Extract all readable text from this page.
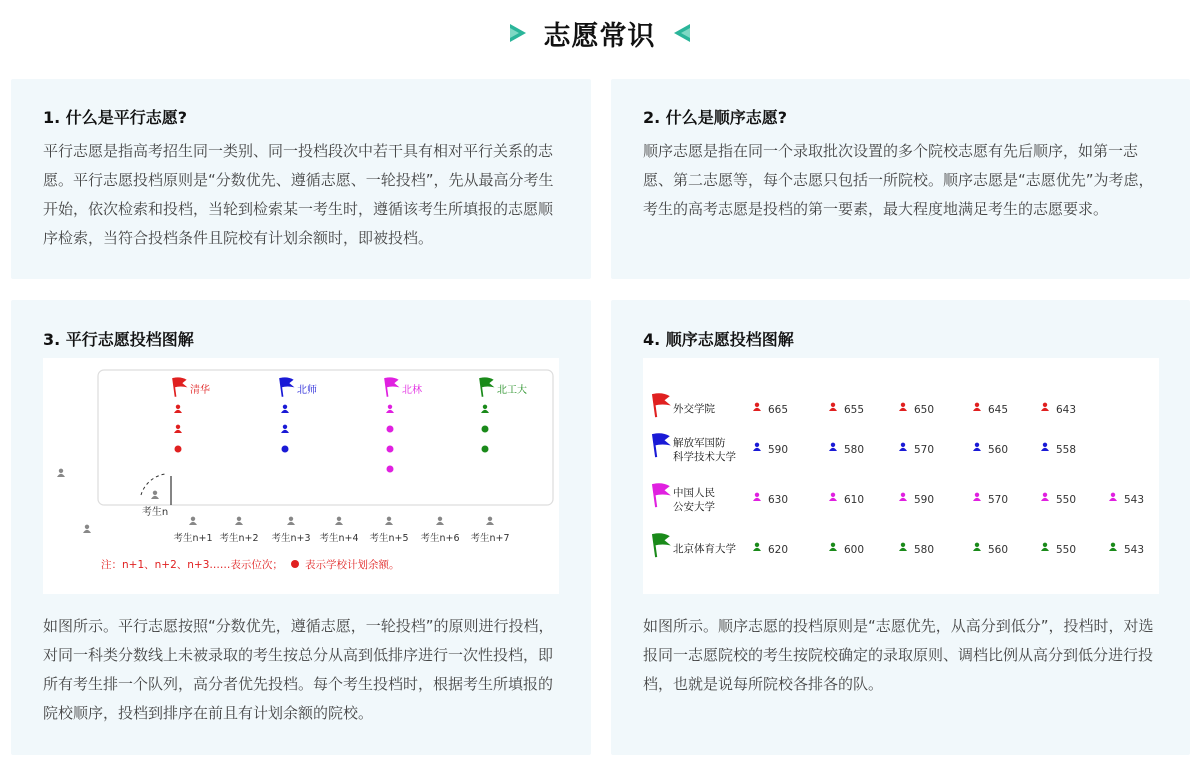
志愿常识
1. 什么是平行志愿?

平行志愿是指高考招生同一类别、同一投档段次中若干具有相对平行关系的志愿。平行志愿投档原则是“分数优先、遵循志愿、一轮投档”，先从最高分考生开始，依次检索和投档，当轮到检索某一考生时，遵循该考生所填报的志愿顺序检索，当符合投档条件且院校有计划余额时，即被投档。

2. 什么是顺序志愿?

顺序志愿是指在同一个录取批次设置的多个院校志愿有先后顺序，如第一志愿、第二志愿等，每个志愿只包括一所院校。顺序志愿是“志愿优先”为考虑，考生的高考志愿是投档的第一要素，最大程度地满足考生的志愿要求。

3. 平行志愿投档图解
清华	北师	北林	北工大
考生n
考生n+1 考生n+2 考生n+3 考生n+4 考生n+5 考生n+6 考生n+7
注：n+1、n+2、n+3……表示位次； 表示学校计划余额。

如图所示。平行志愿按照“分数优先，遵循志愿，一轮投档”的原则进行投档，对同一科类分数线上未被录取的考生按总分从高到低排序进行一次性投档，即所有考生排一个队列，高分者优先投档。每个考生投档时，根据考生所填报的院校顺序，投档到排序在前且有计划余额的院校。

4. 顺序志愿投档图解
外交学院	665	655	650	645	643
解放军国防
科学技术大学
590	580	570	560	558
中国人民
公安大学
630	610	590	570	550	543
北京体育大学	620	600	580	560	550	543

如图所示。顺序志愿的投档原则是“志愿优先，从高分到低分”，投档时，对选报同一志愿院校的考生按院校确定的录取原则、调档比例从高分到低分进行投档，也就是说每所院校各排各的队。
